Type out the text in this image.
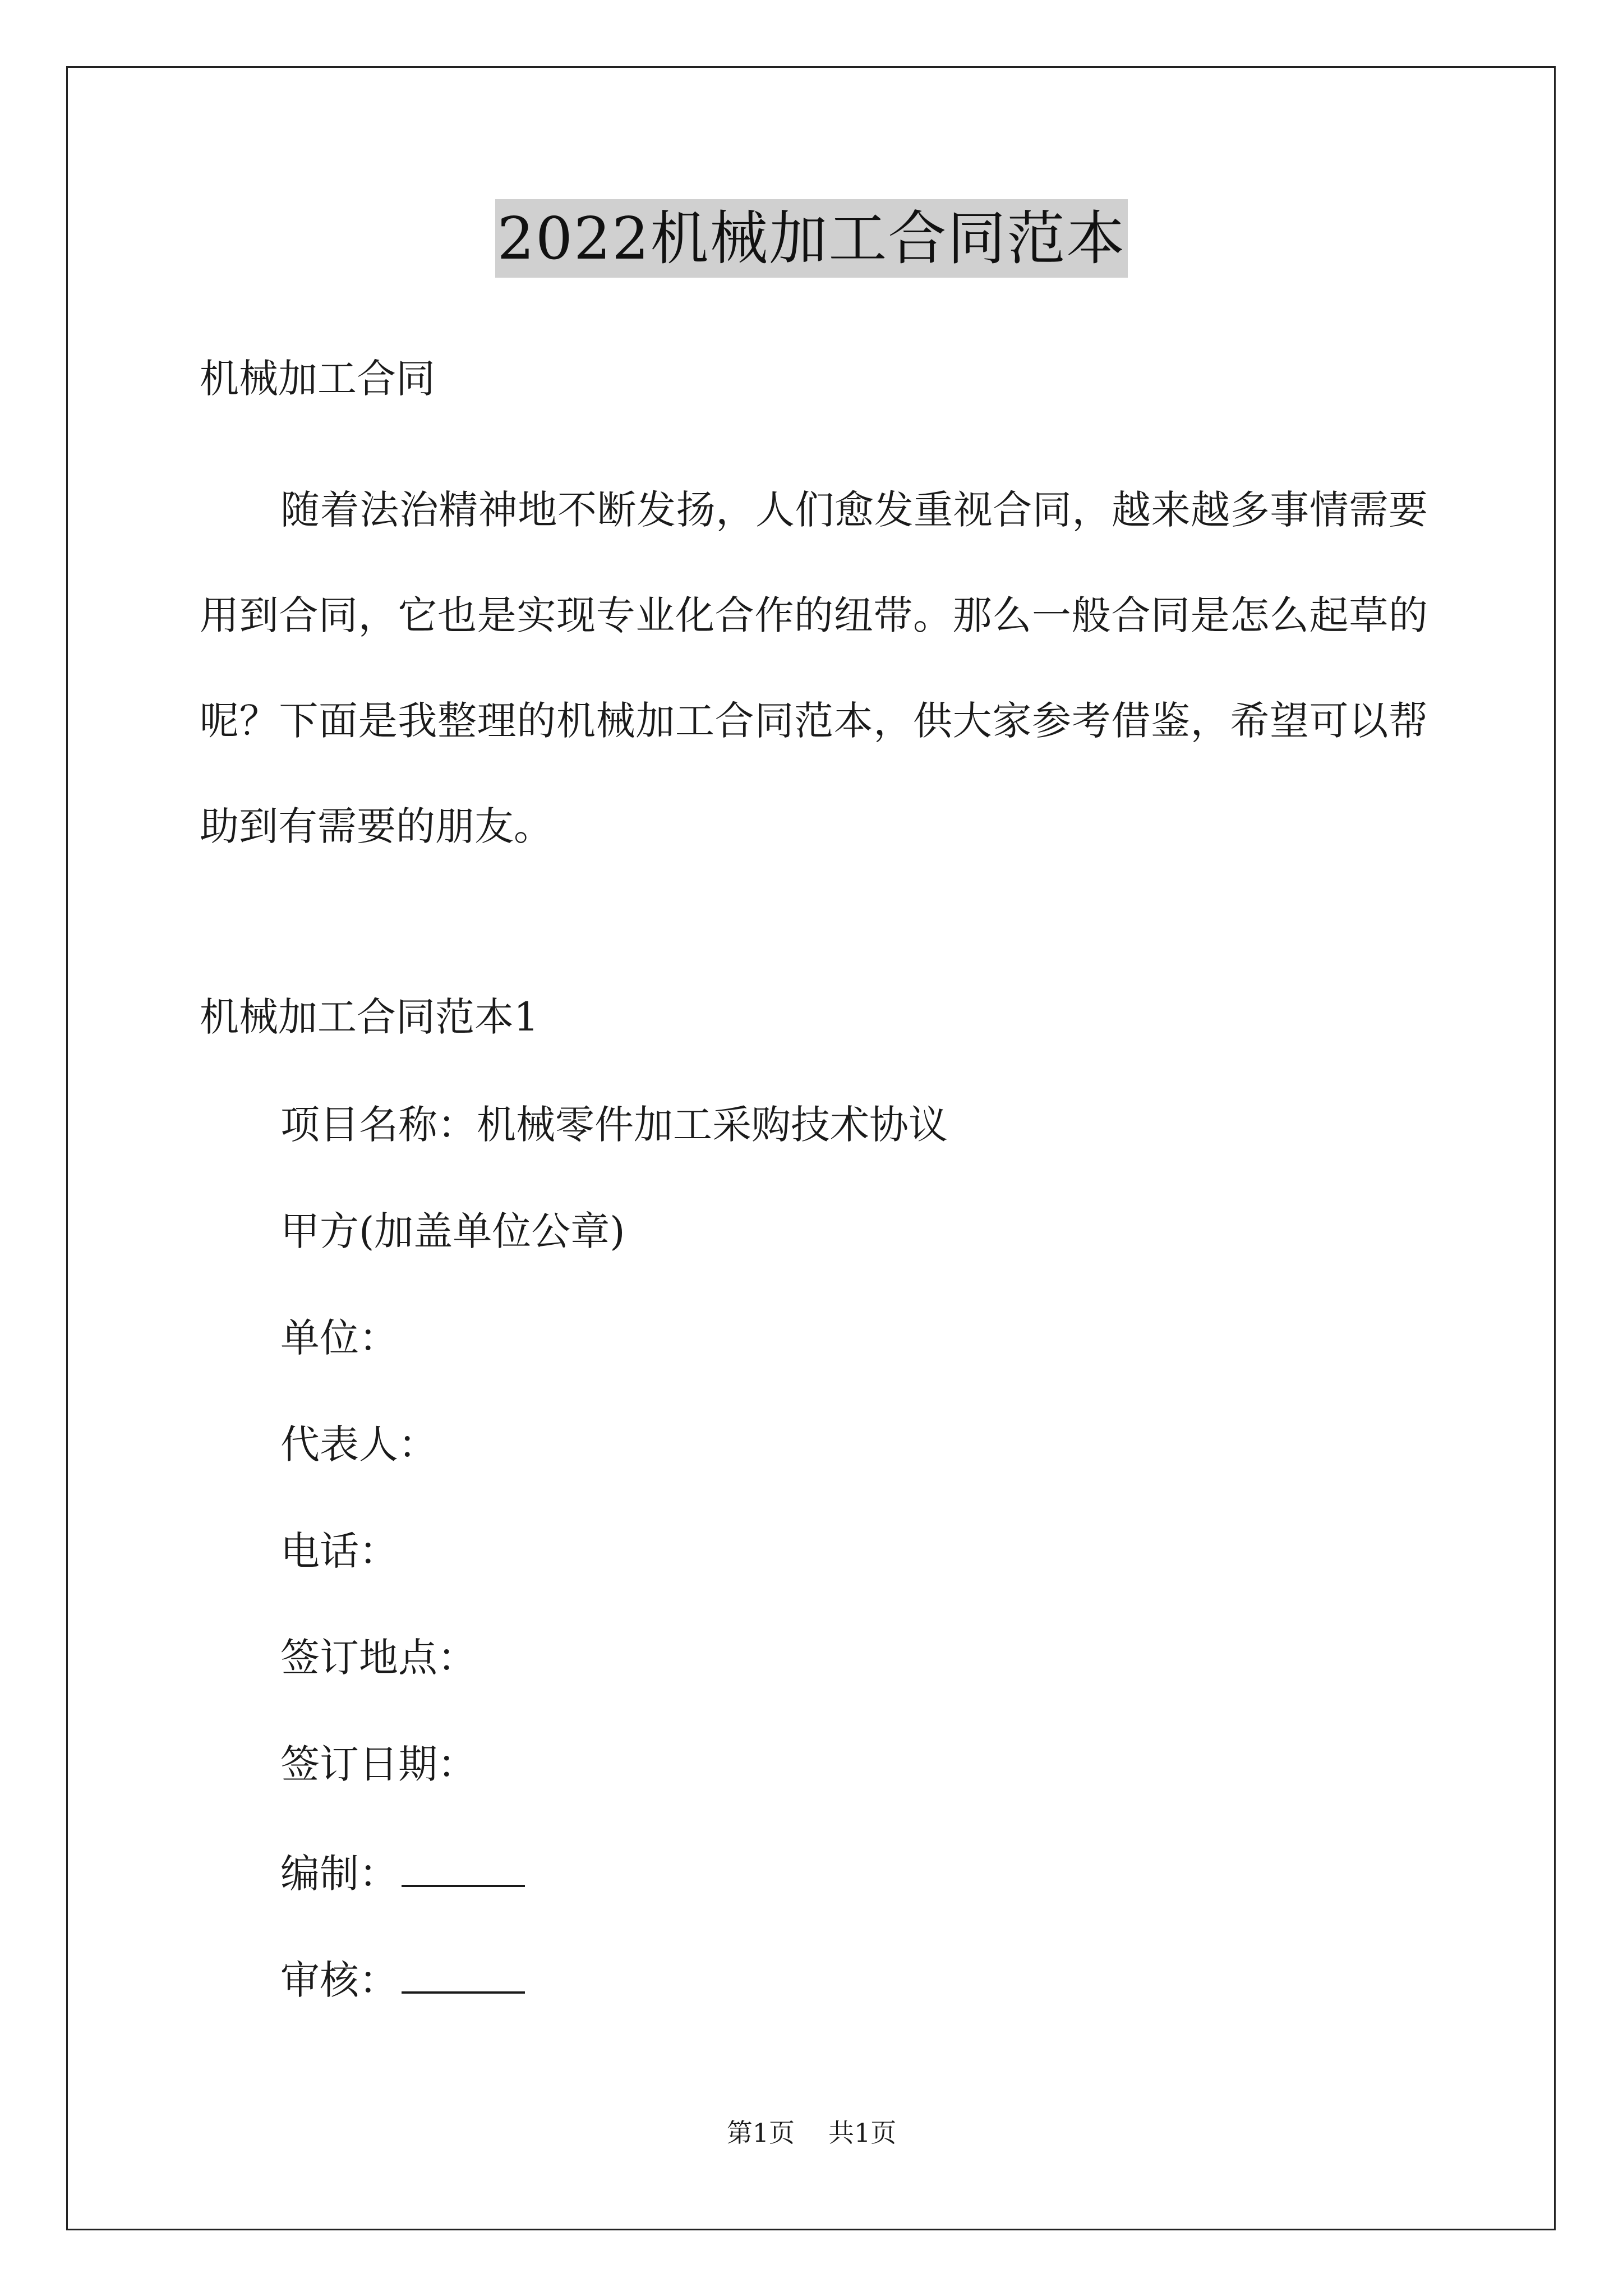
2022机械加工合同范本
机械加工合同

随着法治精神地不断发扬，人们愈发重视合同，越来越多事情需要用到合同，它也是实现专业化合作的纽带。那么一般合同是怎么起草的呢？下面是我整理的机械加工合同范本，供大家参考借鉴，希望可以帮助到有需要的朋友。

机械加工合同范本1
项目名称：机械零件加工采购技术协议
甲方(加盖单位公章)
单位：
代表人：
电话：
签订地点：
签订日期：
编制：
审核：
第1页 共1页
